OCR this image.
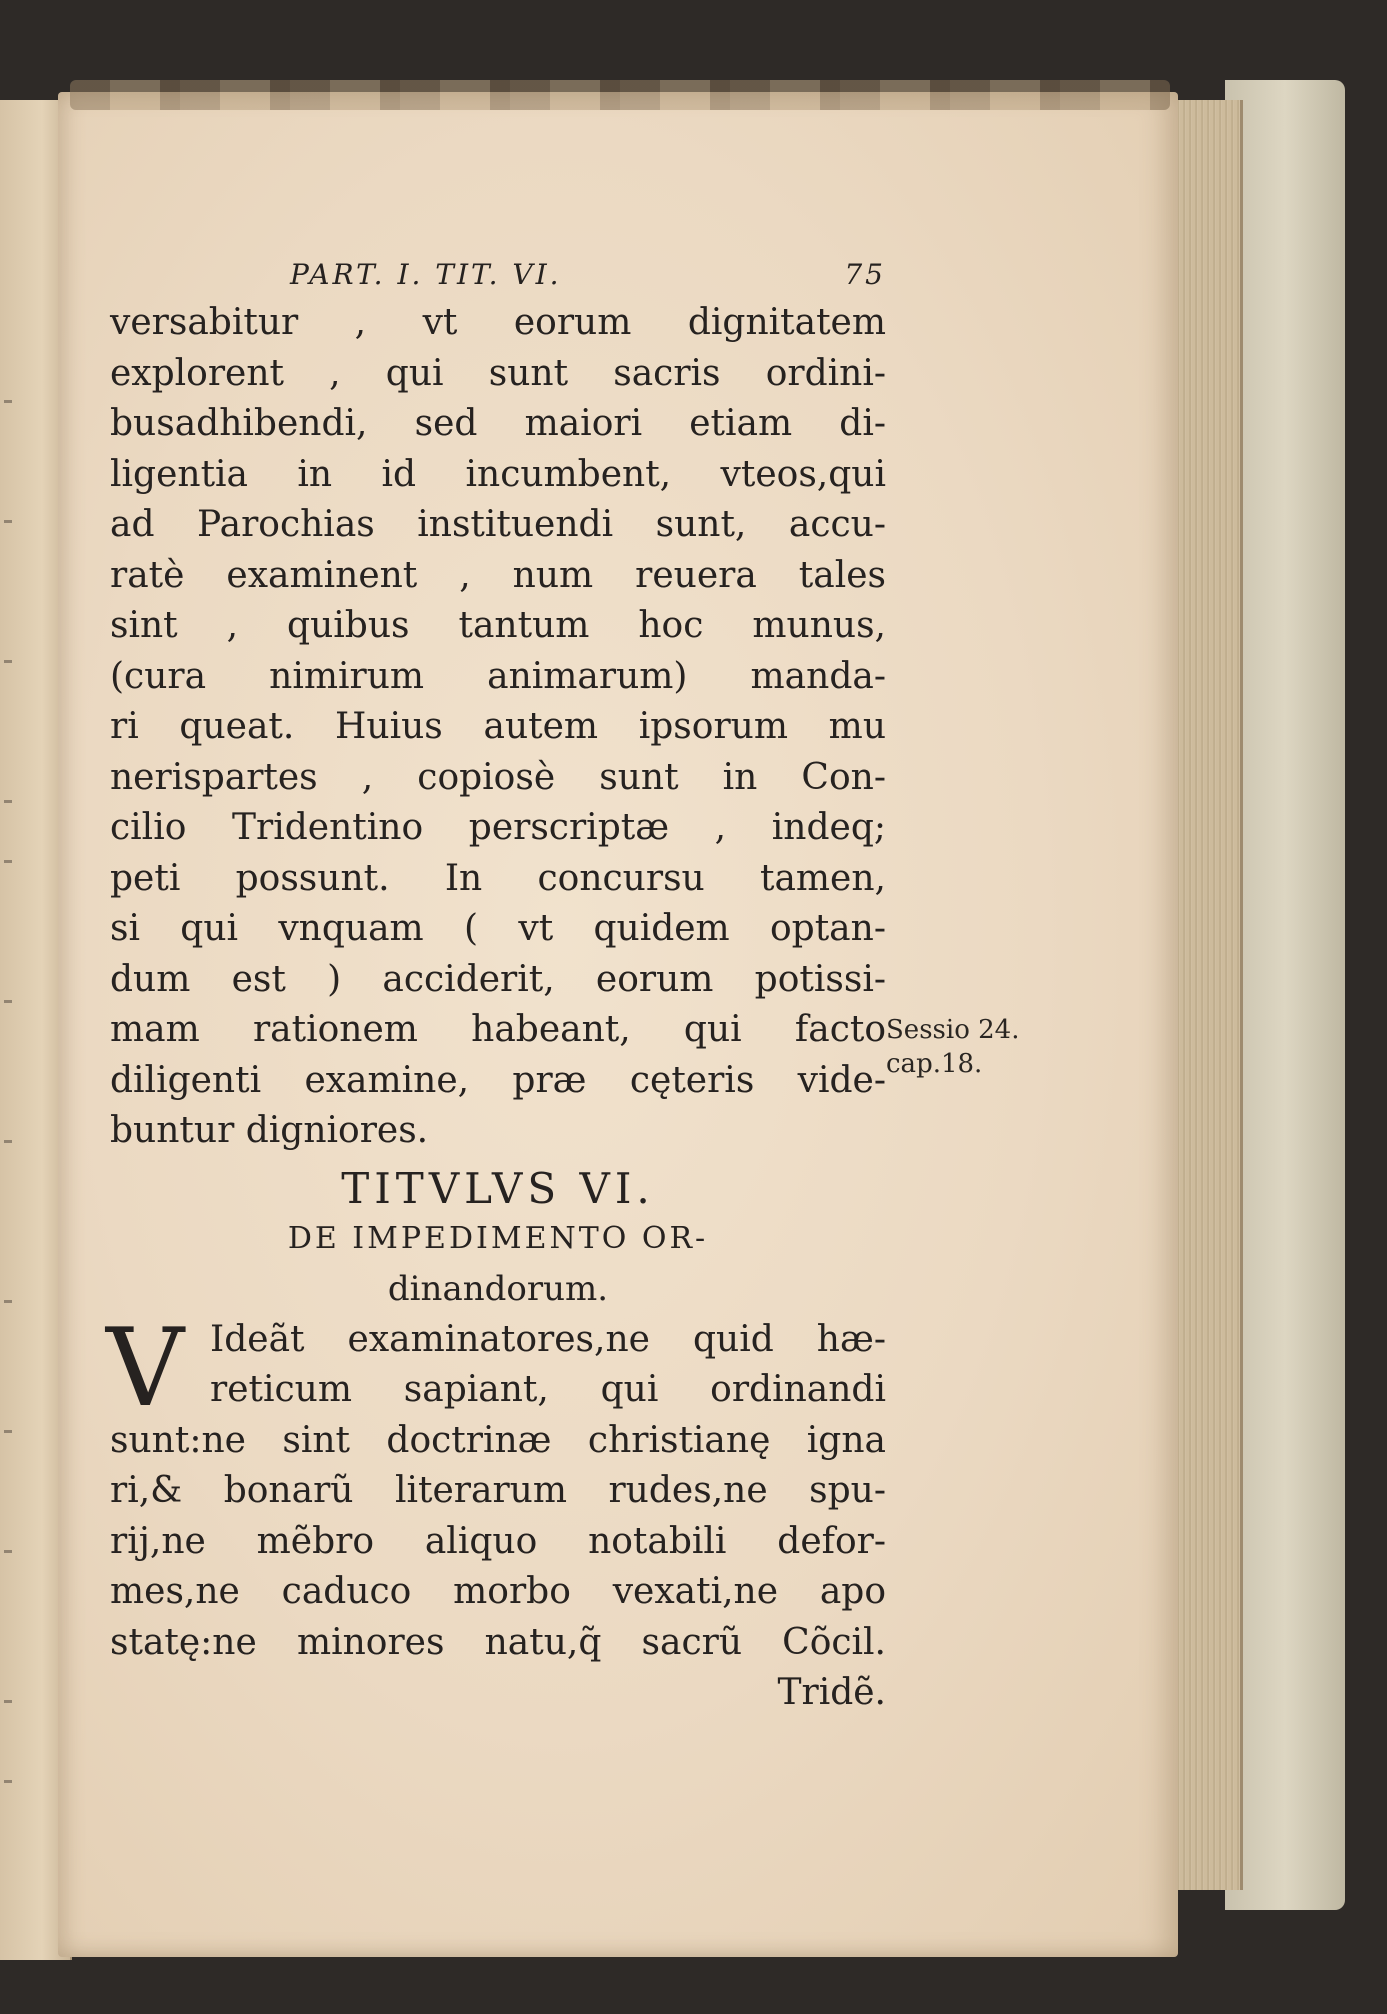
PART. I. TIT. VI.	75
versabitur , vt eorum dignitatem
explorent , qui sunt sacris ordini-
busadhibendi, sed maiori etiam di-
ligentia in id incumbent, vteos,qui
ad Parochias instituendi sunt, accu-
ratè examinent , num reuera tales
sint , quibus tantum hoc munus,
(cura nimirum animarum) manda-
ri queat. Huius autem ipsorum mu
nerispartes , copiosè sunt in Con-
cilio Tridentino perscriptæ , indeq;
peti possunt. In concursu tamen,
si qui vnquam ( vt quidem optan-
dum est ) acciderit, eorum potissi-
mam rationem habeant, qui facto
diligenti examine, præ cęteris vide-
buntur digniores.
TITVLVS VI.
DE IMPEDIMENTO OR-
dinandorum.
V Ideãt examinatores,ne quid hæ-
reticum sapiant, qui ordinandi
sunt:ne sint doctrinæ christianę igna
ri,& bonarũ literarum rudes,ne spu-
rij,ne mẽbro aliquo notabili defor-
mes,ne caduco morbo vexati,ne apo
statę:ne minores natu,q̃ sacrũ Cõcil.
Tridẽ.
Sessio 24.
cap.18.
